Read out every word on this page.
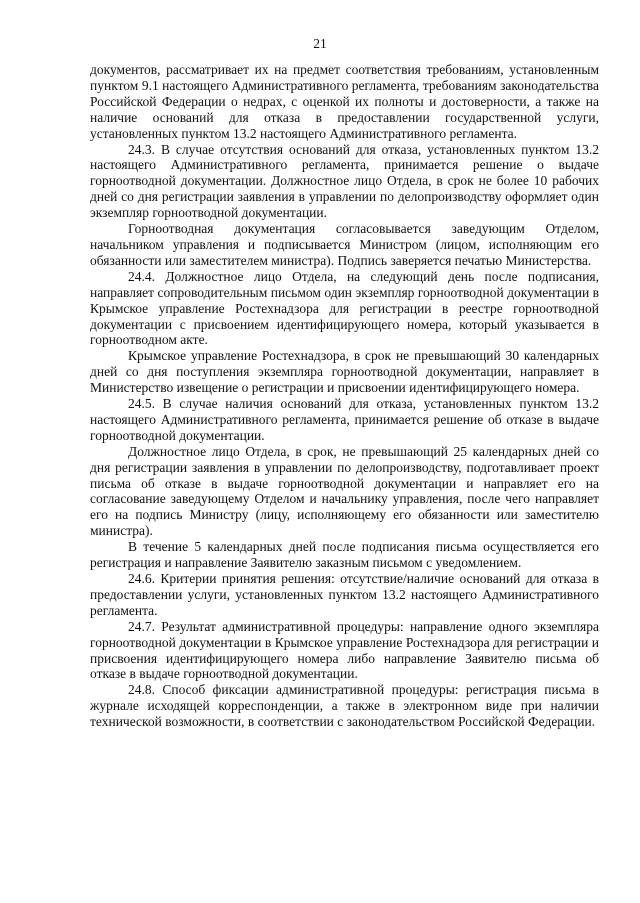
21

документов, рассматривает их на предмет соответствия требованиям, установленным пунктом 9.1 настоящего Административного регламента, требованиям законодательства Российской Федерации о недрах, с оценкой их полноты и достоверности, а также на наличие оснований для отказа в предоставлении государственной услуги, установленных пунктом 13.2 настоящего Административного регламента.

24.3. В случае отсутствия оснований для отказа, установленных пунктом 13.2 настоящего Административного регламента, принимается решение о выдаче горноотводной документации. Должностное лицо Отдела, в срок не более 10 рабочих дней со дня регистрации заявления в управлении по делопроизводству оформляет один экземпляр горноотводной документации.

Горноотводная документация согласовывается заведующим Отделом, начальником управления и подписывается Министром (лицом, исполняющим его обязанности или заместителем министра). Подпись заверяется печатью Министерства.

24.4. Должностное лицо Отдела, на следующий день после подписания, направляет сопроводительным письмом один экземпляр горноотводной документации в Крымское управление Ростехнадзора для регистрации в реестре горноотводной документации с присвоением идентифицирующего номера, который указывается в горноотводном акте.

Крымское управление Ростехнадзора, в срок не превышающий 30 календарных дней со дня поступления экземпляра горноотводной документации, направляет в Министерство извещение о регистрации и присвоении идентифицирующего номера.

24.5. В случае наличия оснований для отказа, установленных пунктом 13.2 настоящего Административного регламента, принимается решение об отказе в выдаче горноотводной документации.

Должностное лицо Отдела, в срок, не превышающий 25 календарных дней со дня регистрации заявления в управлении по делопроизводству, подготавливает проект письма об отказе в выдаче горноотводной документации и направляет его на согласование заведующему Отделом и начальнику управления, после чего направляет его на подпись Министру (лицу, исполняющему его обязанности или заместителю министра).

В течение 5 календарных дней после подписания письма осуществляется его регистрация и направление Заявителю заказным письмом с уведомлением.

24.6. Критерии принятия решения: отсутствие/наличие оснований для отказа в предоставлении услуги, установленных пунктом 13.2 настоящего Административного регламента.

24.7. Результат административной процедуры: направление одного экземпляра горноотводной документации в Крымское управление Ростехнадзора для регистрации и присвоения идентифицирующего номера либо направление Заявителю письма об отказе в выдаче горноотводной документации.

24.8. Способ фиксации административной процедуры: регистрация письма в журнале исходящей корреспонденции, а также в электронном виде при наличии технической возможности, в соответствии с законодательством Российской Федерации.
